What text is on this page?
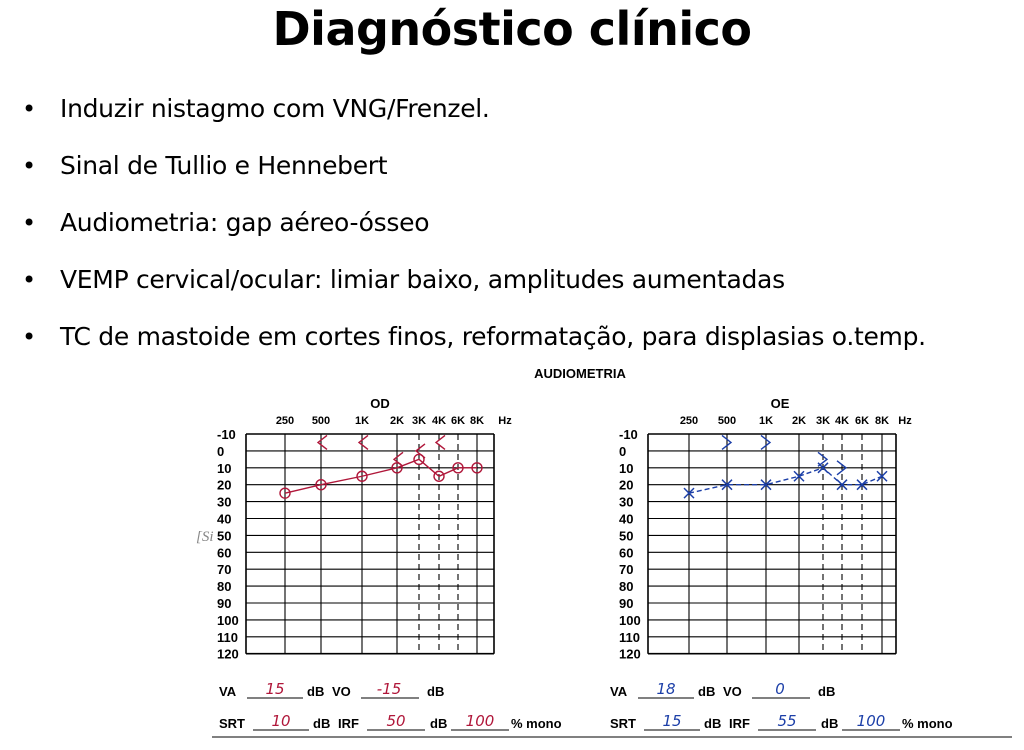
Diagnóstico clínico
• Induzir nistagmo com VNG/Frenzel.
• Sinal de Tullio e Hennebert
• Audiometria: gap aéreo-ósseo
• VEMP cervical/ocular: limiar baixo, amplitudes aumentadas
• TC de mastoide em cortes finos, reformatação, para displasias o.temp.
AUDIOMETRIA
[Si
OD
250 500 1K 2K 3K 4K 6K 8K Hz
-10
0
10
20
30
40
50
60
70
80
90
100
110
120
VA 15 dB VO -15 dB
SRT 10 dB IRF 50 dB 100 % mono
OE
250 500 1K 2K 3K 4K 6K 8K Hz
-10
0
10
20
30
40
50
60
70
80
90
100
110
120
VA 18 dB VO 0	dB
SRT 15 dB IRF 55 dB 100 % mono
